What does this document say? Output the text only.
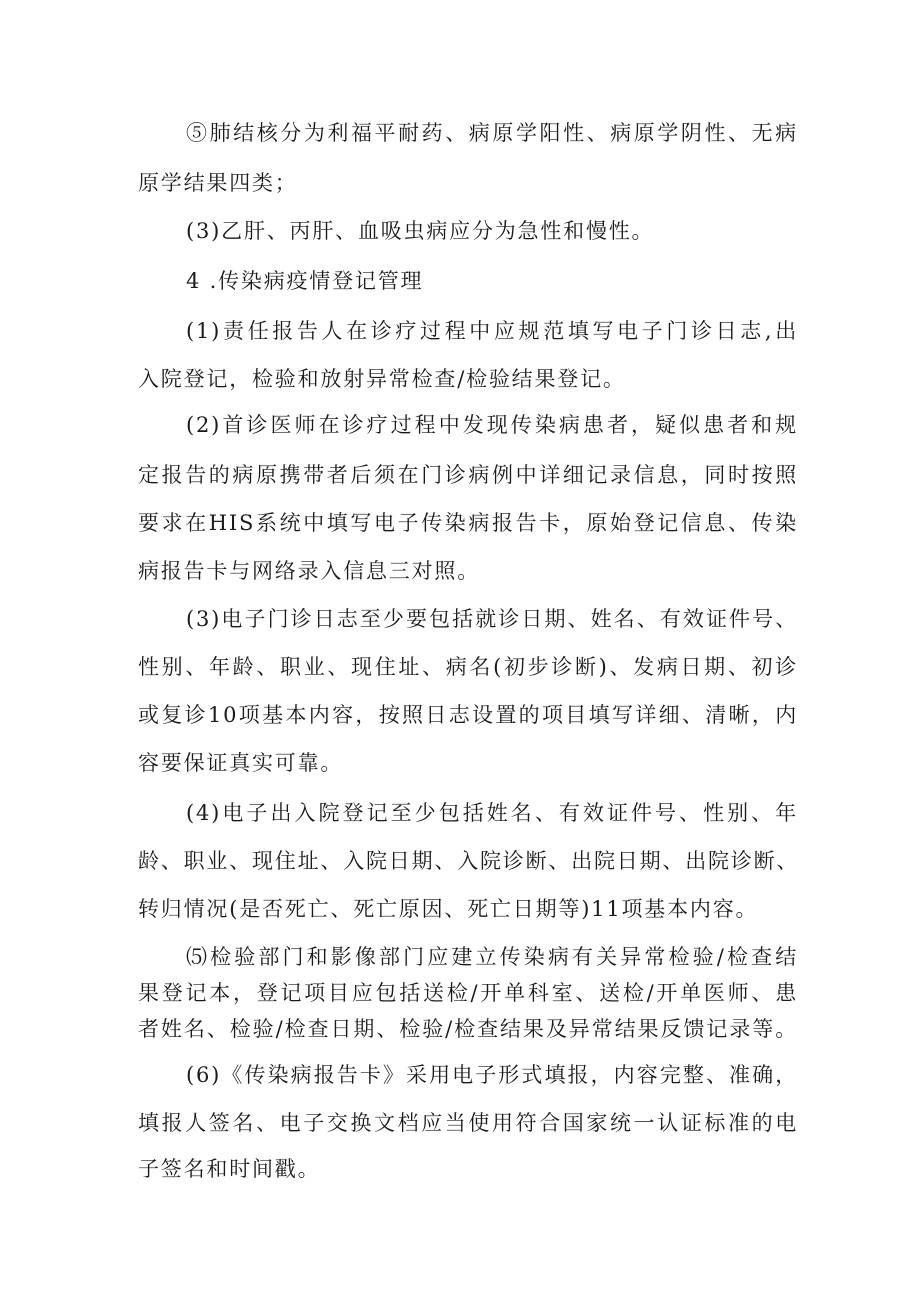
⑤肺结核分为利福平耐药、病原学阳性、病原学阴性、无病
原学结果四类；
(3)乙肝、丙肝、血吸虫病应分为急性和慢性。
4 .传染病疫情登记管理
(1)责任报告人在诊疗过程中应规范填写电子门诊日志,出
入院登记，检验和放射异常检查/检验结果登记。
(2)首诊医师在诊疗过程中发现传染病患者，疑似患者和规
定报告的病原携带者后须在门诊病例中详细记录信息，同时按照
要求在HIS系统中填写电子传染病报告卡，原始登记信息、传染
病报告卡与网络录入信息三对照。
(3)电子门诊日志至少要包括就诊日期、姓名、有效证件号、
性别、年龄、职业、现住址、病名(初步诊断)、发病日期、初诊
或复诊10项基本内容，按照日志设置的项目填写详细、清晰，内
容要保证真实可靠。
(4)电子出入院登记至少包括姓名、有效证件号、性别、年
龄、职业、现住址、入院日期、入院诊断、出院日期、出院诊断、
转归情况(是否死亡、死亡原因、死亡日期等)11项基本内容。
⑸检验部门和影像部门应建立传染病有关异常检验/检查结
果登记本，登记项目应包括送检/开单科室、送检/开单医师、患
者姓名、检验/检查日期、检验/检查结果及异常结果反馈记录等。
(6)《传染病报告卡》采用电子形式填报，内容完整、准确，
填报人签名、电子交换文档应当使用符合国家统一认证标准的电
子签名和时间戳。
